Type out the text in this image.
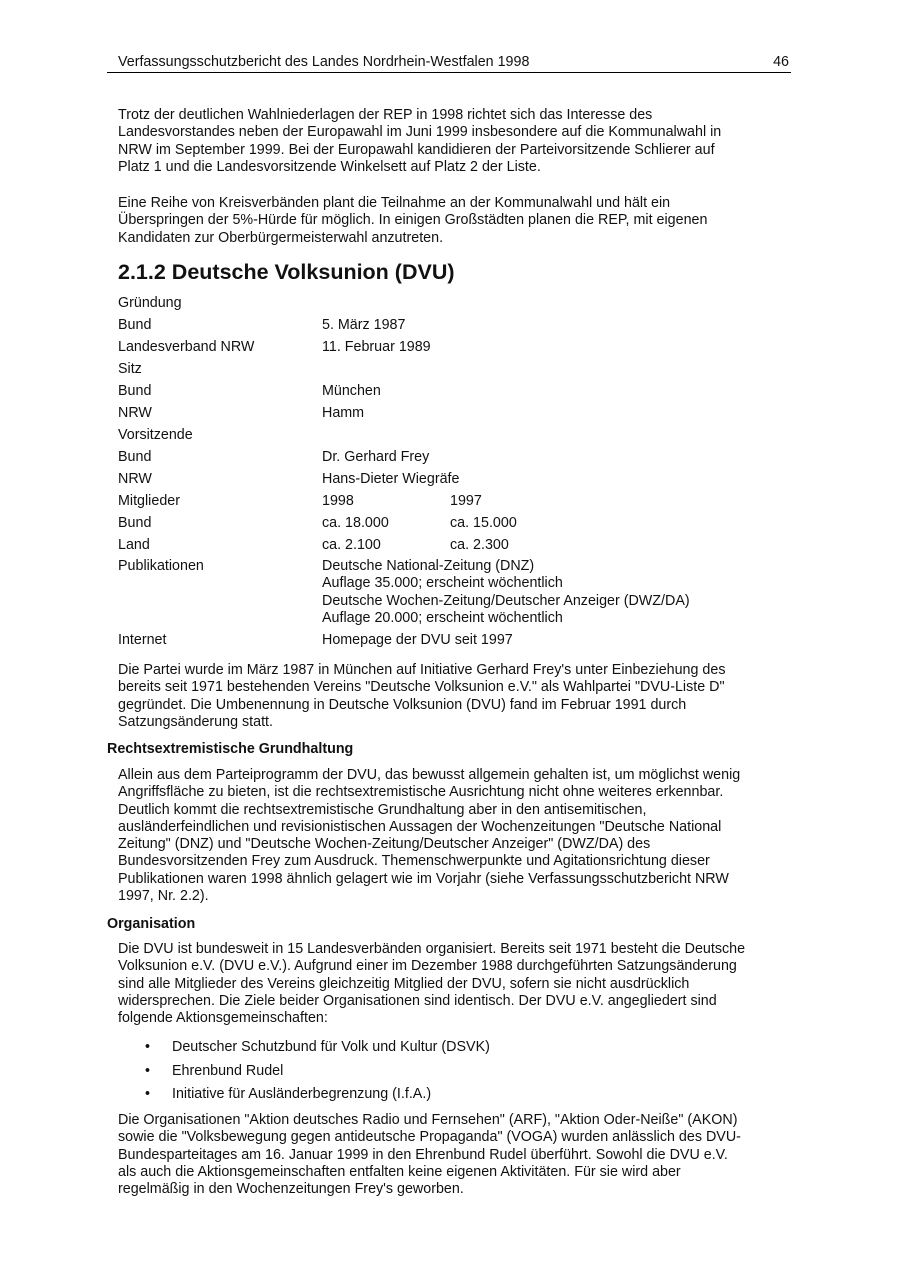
Verfassungsschutzbericht des Landes Nordrhein-Westfalen 1998	46

Trotz der deutlichen Wahlniederlagen der REP in 1998 richtet sich das Interesse des
Landesvorstandes neben der Europawahl im Juni 1999 insbesondere auf die Kommunalwahl in
NRW im September 1999. Bei der Europawahl kandidieren der Parteivorsitzende Schlierer auf
Platz 1 und die Landesvorsitzende Winkelsett auf Platz 2 der Liste.

Eine Reihe von Kreisverbänden plant die Teilnahme an der Kommunalwahl und hält ein
Überspringen der 5%-Hürde für möglich. In einigen Großstädten planen die REP, mit eigenen
Kandidaten zur Oberbürgermeisterwahl anzutreten.

2.1.2 Deutsche Volksunion (DVU)
Gründung
Bund	5. März 1987
Landesverband NRW	11. Februar 1989
Sitz
Bund	München
NRW	Hamm
Vorsitzende
Bund	Dr. Gerhard Frey
NRW	Hans-Dieter Wiegräfe
Mitglieder	1998	1997
Bund	ca. 18.000	ca. 15.000
Land	ca. 2.100	ca. 2.300
Publikationen	Deutsche National-Zeitung (DNZ)
Auflage 35.000; erscheint wöchentlich
Deutsche Wochen-Zeitung/Deutscher Anzeiger (DWZ/DA)
Auflage 20.000; erscheint wöchentlich
Internet	Homepage der DVU seit 1997

Die Partei wurde im März 1987 in München auf Initiative Gerhard Frey's unter Einbeziehung des
bereits seit 1971 bestehenden Vereins "Deutsche Volksunion e.V." als Wahlpartei "DVU-Liste D"
gegründet. Die Umbenennung in Deutsche Volksunion (DVU) fand im Februar 1991 durch
Satzungsänderung statt.

Rechtsextremistische Grundhaltung

Allein aus dem Parteiprogramm der DVU, das bewusst allgemein gehalten ist, um möglichst wenig
Angriffsfläche zu bieten, ist die rechtsextremistische Ausrichtung nicht ohne weiteres erkennbar.
Deutlich kommt die rechtsextremistische Grundhaltung aber in den antisemitischen,
ausländerfeindlichen und revisionistischen Aussagen der Wochenzeitungen "Deutsche National
Zeitung" (DNZ) und "Deutsche Wochen-Zeitung/Deutscher Anzeiger" (DWZ/DA) des
Bundesvorsitzenden Frey zum Ausdruck. Themenschwerpunkte und Agitationsrichtung dieser
Publikationen waren 1998 ähnlich gelagert wie im Vorjahr (siehe Verfassungsschutzbericht NRW
1997, Nr. 2.2).

Organisation

Die DVU ist bundesweit in 15 Landesverbänden organisiert. Bereits seit 1971 besteht die Deutsche
Volksunion e.V. (DVU e.V.). Aufgrund einer im Dezember 1988 durchgeführten Satzungsänderung
sind alle Mitglieder des Vereins gleichzeitig Mitglied der DVU, sofern sie nicht ausdrücklich
widersprechen. Die Ziele beider Organisationen sind identisch. Der DVU e.V. angegliedert sind
folgende Aktionsgemeinschaften:

• Deutscher Schutzbund für Volk und Kultur (DSVK)
• Ehrenbund Rudel
• Initiative für Ausländerbegrenzung (I.f.A.)

Die Organisationen "Aktion deutsches Radio und Fernsehen" (ARF), "Aktion Oder-Neiße" (AKON)
sowie die "Volksbewegung gegen antideutsche Propaganda" (VOGA) wurden anlässlich des DVU-
Bundesparteitages am 16. Januar 1999 in den Ehrenbund Rudel überführt. Sowohl die DVU e.V.
als auch die Aktionsgemeinschaften entfalten keine eigenen Aktivitäten. Für sie wird aber
regelmäßig in den Wochenzeitungen Frey's geworben.
